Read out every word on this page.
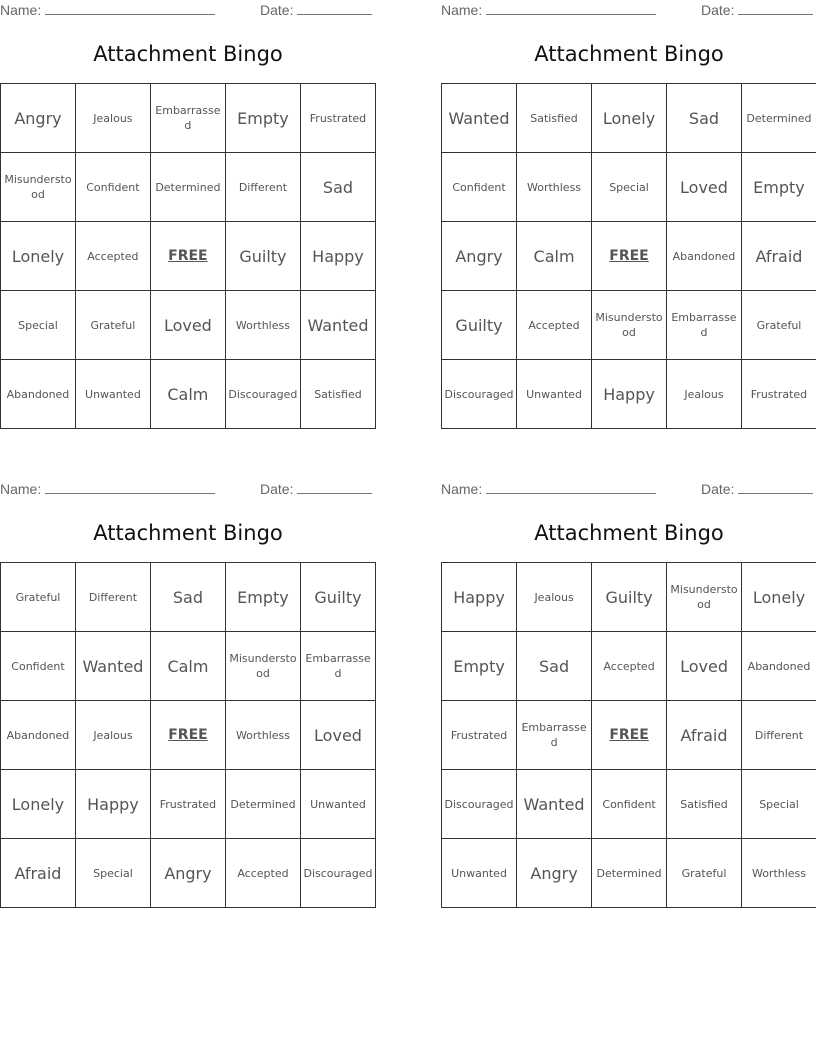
Name:	Date:
Attachment Bingo
Angry	Jealous	Embarrassed	Empty	Frustrated
Misunderstood	Confident	Determined	Different	Sad
Lonely	Accepted	FREE	Guilty	Happy
Special	Grateful	Loved	Worthless	Wanted
Abandoned	Unwanted	Calm	Discouraged	Satisfied
Name:	Date:
Attachment Bingo
Wanted	Satisfied	Lonely	Sad	Determined
Confident	Worthless	Special	Loved	Empty
Angry	Calm	FREE	Abandoned	Afraid
Guilty	Accepted	Misunderstood	Embarrassed	Grateful
Discouraged	Unwanted	Happy	Jealous	Frustrated
Name:	Date:
Attachment Bingo
Grateful	Different	Sad	Empty	Guilty
Confident	Wanted	Calm	Misunderstood	Embarrassed
Abandoned	Jealous	FREE	Worthless	Loved
Lonely	Happy	Frustrated	Determined	Unwanted
Afraid	Special	Angry	Accepted	Discouraged
Name:	Date:
Attachment Bingo
Happy	Jealous	Guilty	Misunderstood	Lonely
Empty	Sad	Accepted	Loved	Abandoned
Frustrated	Embarrassed	FREE	Afraid	Different
Discouraged	Wanted	Confident	Satisfied	Special
Unwanted	Angry	Determined	Grateful	Worthless
